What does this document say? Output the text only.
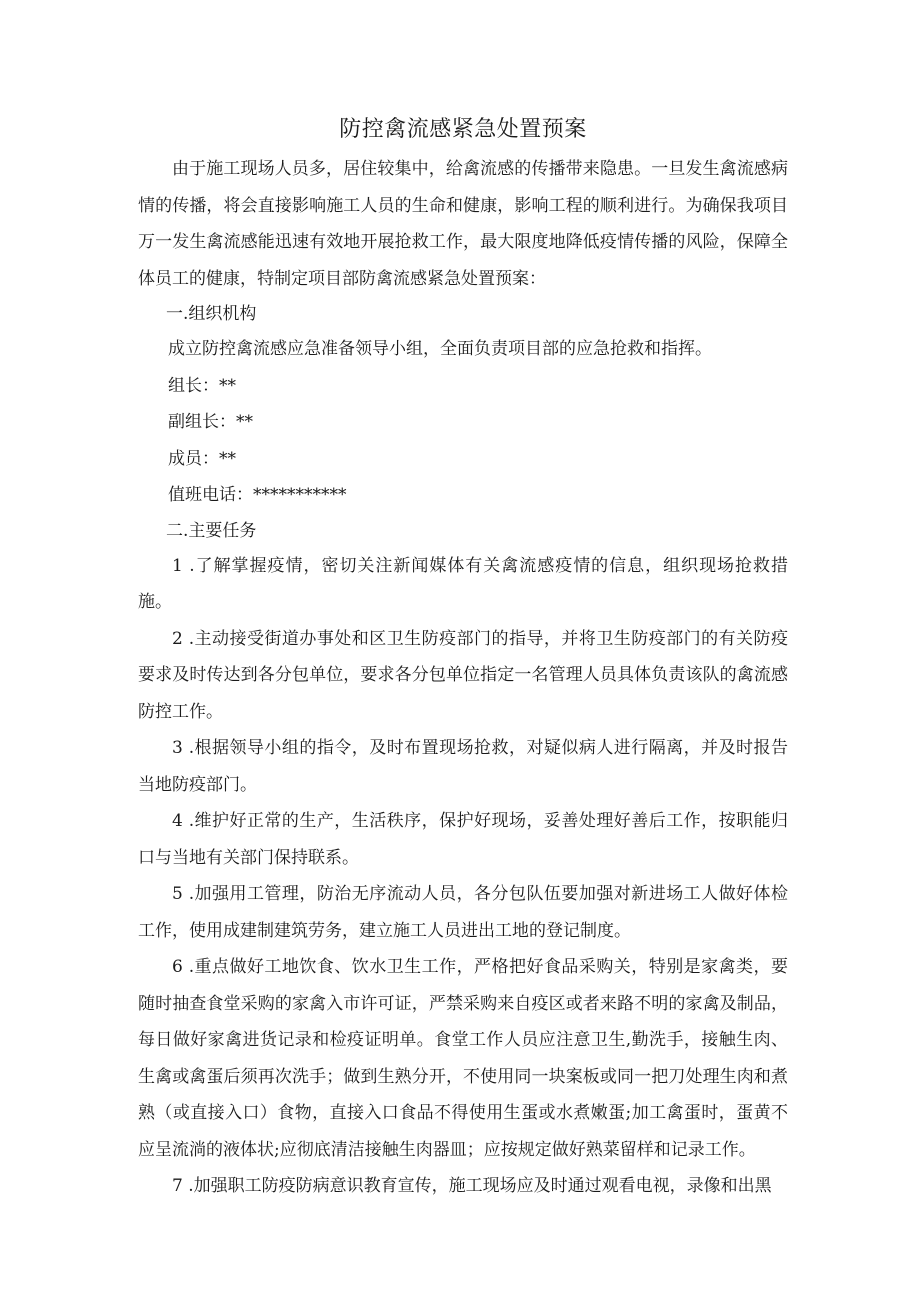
防控禽流感紧急处置预案

由于施工现场人员多，居住较集中，给禽流感的传播带来隐患。一旦发生禽流感病情的传播，将会直接影响施工人员的生命和健康，影响工程的顺利进行。为确保我项目万一发生禽流感能迅速有效地开展抢救工作，最大限度地降低疫情传播的风险，保障全体员工的健康，特制定项目部防禽流感紧急处置预案：

一.组织机构

成立防控禽流感应急准备领导小组，全面负责项目部的应急抢救和指挥。

组长：**

副组长：**

成员：**

值班电话：***********

二.主要任务

1 .了解掌握疫情，密切关注新闻媒体有关禽流感疫情的信息，组织现场抢救措施。

2 .主动接受街道办事处和区卫生防疫部门的指导，并将卫生防疫部门的有关防疫要求及时传达到各分包单位，要求各分包单位指定一名管理人员具体负责该队的禽流感防控工作。

3 .根据领导小组的指令，及时布置现场抢救，对疑似病人进行隔离，并及时报告当地防疫部门。

4 .维护好正常的生产，生活秩序，保护好现场，妥善处理好善后工作，按职能归口与当地有关部门保持联系。

5 .加强用工管理，防治无序流动人员，各分包队伍要加强对新进场工人做好体检工作，使用成建制建筑劳务，建立施工人员进出工地的登记制度。

6 .重点做好工地饮食、饮水卫生工作，严格把好食品采购关，特别是家禽类，要随时抽查食堂采购的家禽入市许可证，严禁采购来自疫区或者来路不明的家禽及制品，每日做好家禽进货记录和检疫证明单。食堂工作人员应注意卫生,勤洗手，接触生肉、生禽或禽蛋后须再次洗手；做到生熟分开，不使用同一块案板或同一把刀处理生肉和煮熟（或直接入口）食物，直接入口食品不得使用生蛋或水煮嫩蛋;加工禽蛋时，蛋黄不应呈流淌的液体状;应彻底清洁接触生肉器皿；应按规定做好熟菜留样和记录工作。

7 .加强职工防疫防病意识教育宣传，施工现场应及时通过观看电视，录像和出黑
